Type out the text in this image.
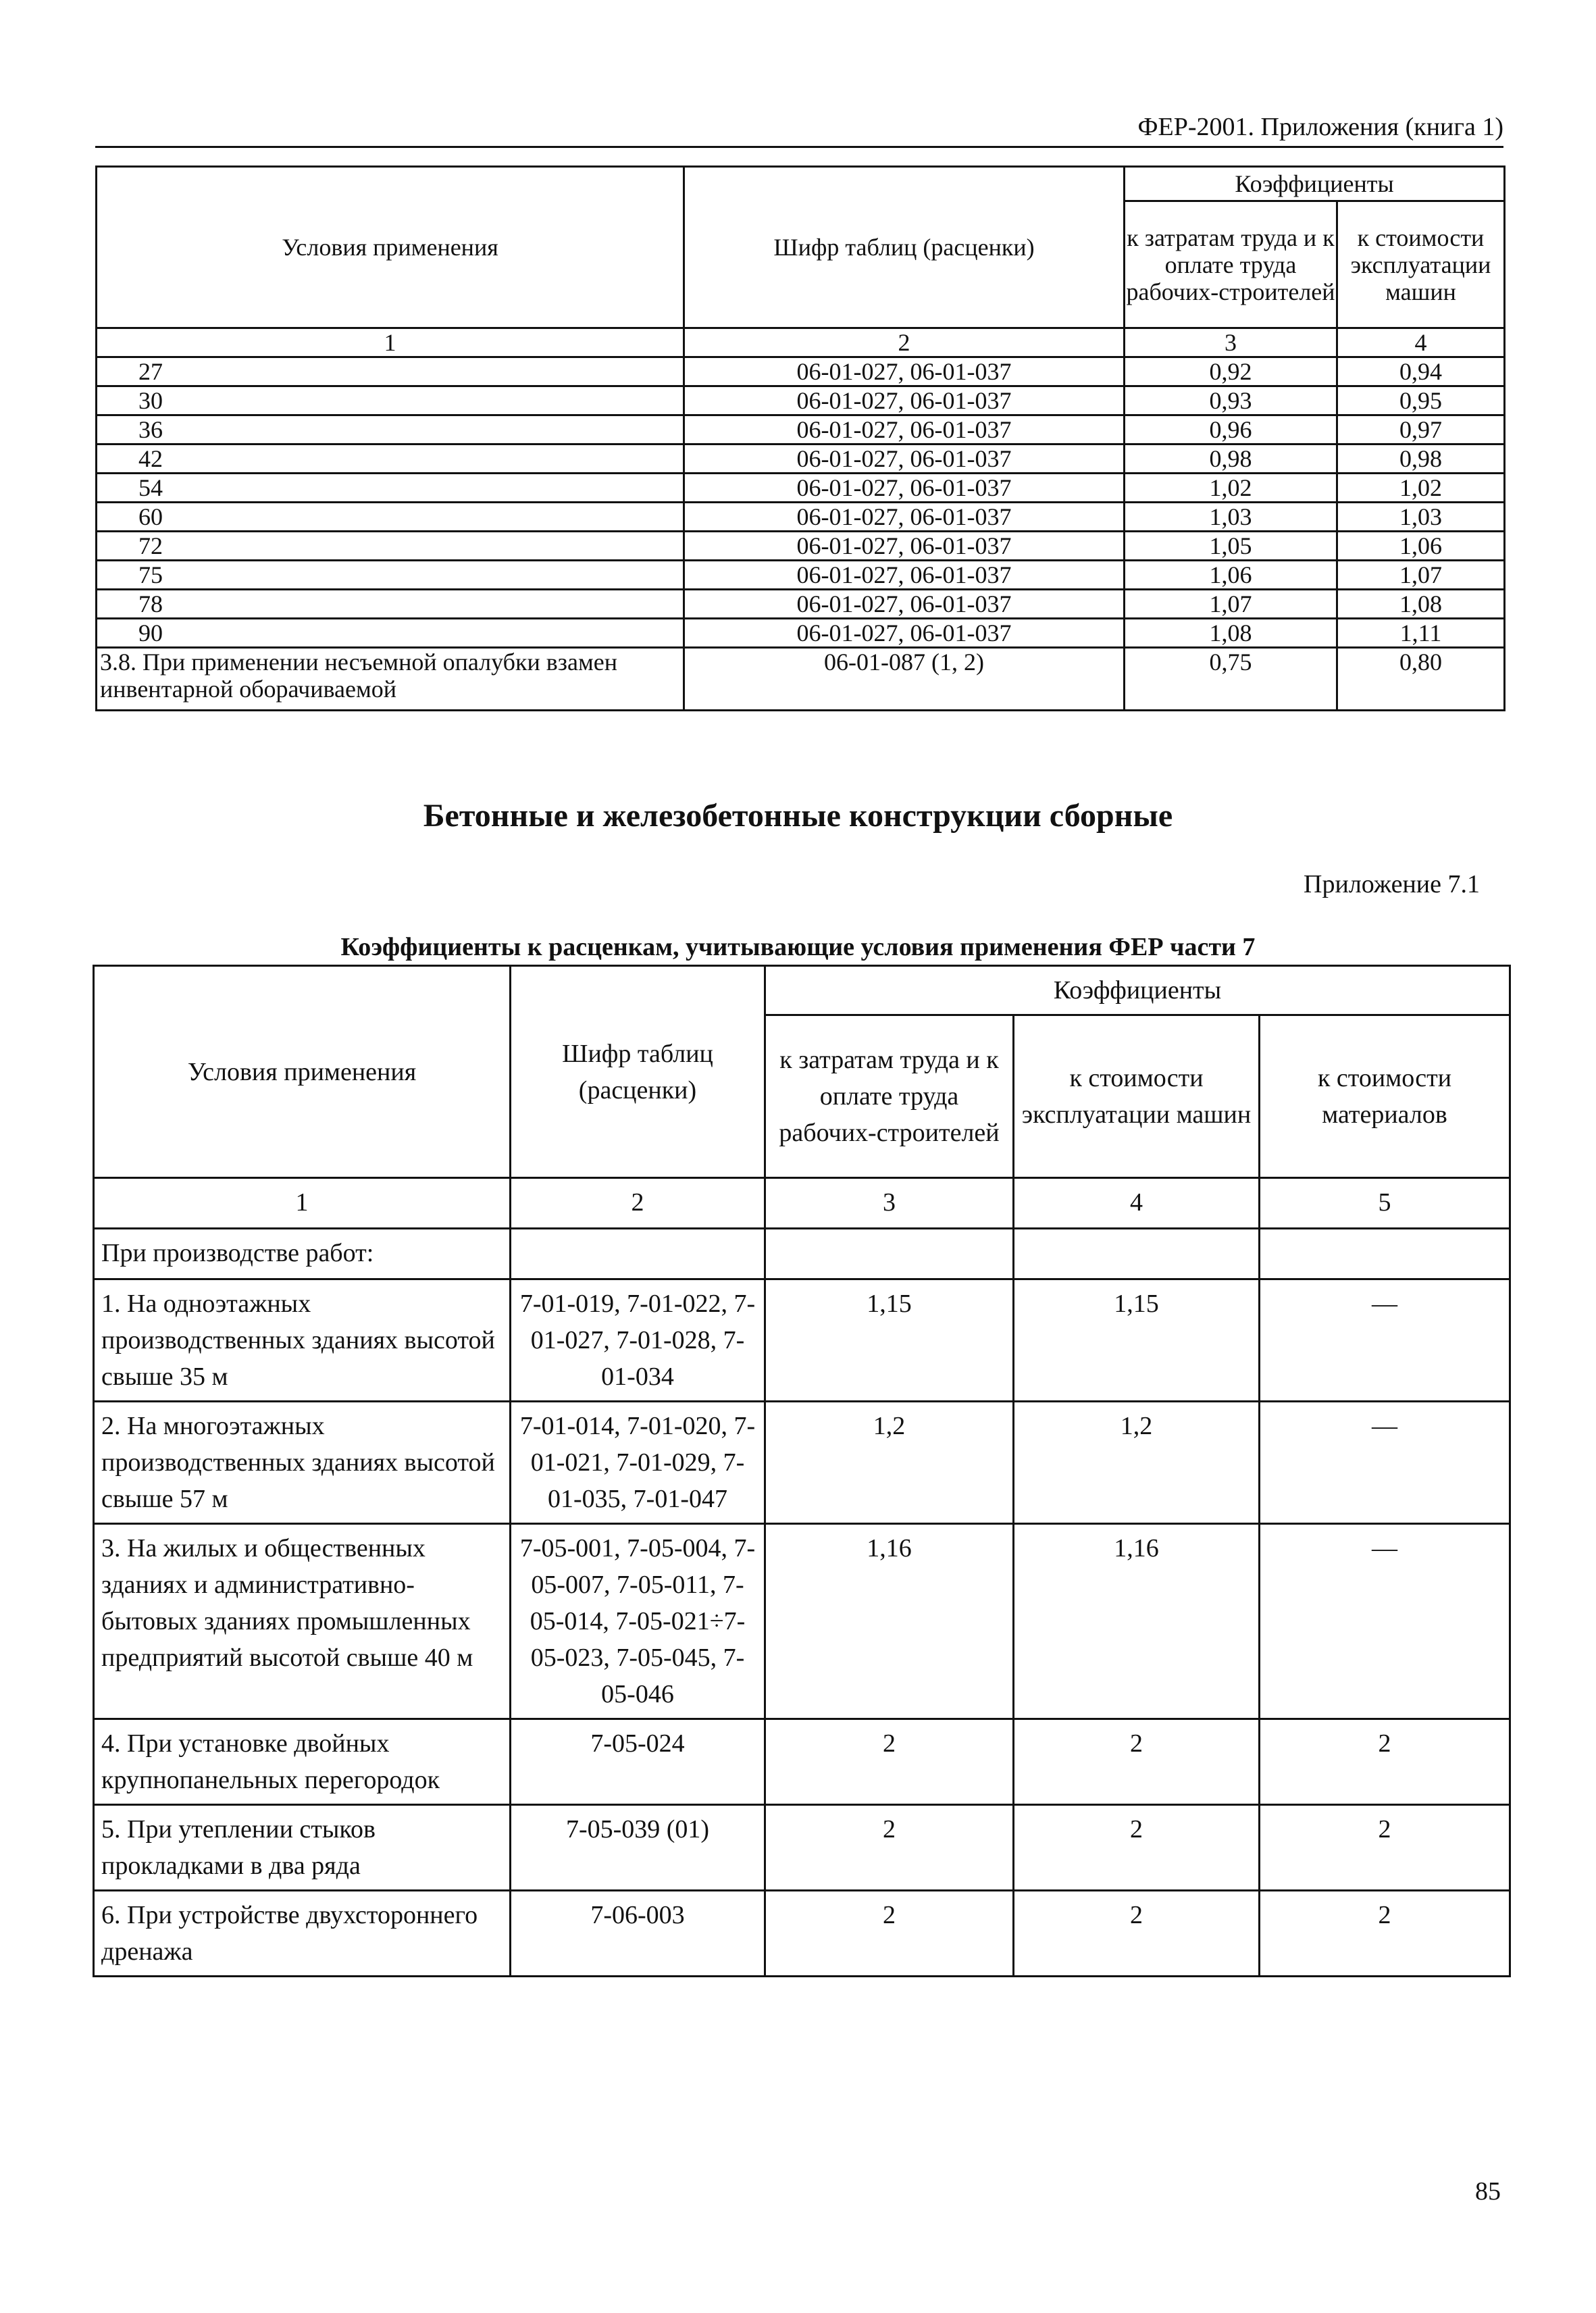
ФЕР-2001. Приложения (книга 1)
Условия применения	Шифр таблиц (расценки)	Коэффициенты	
		к затратам труда и к оплате труда рабочих-строителей	к стоимости эксплуатации машин
1	2	3	4
27	06-01-027, 06-01-037	0,92	0,94
30	06-01-027, 06-01-037	0,93	0,95
36	06-01-027, 06-01-037	0,96	0,97
42	06-01-027, 06-01-037	0,98	0,98
54	06-01-027, 06-01-037	1,02	1,02
60	06-01-027, 06-01-037	1,03	1,03
72	06-01-027, 06-01-037	1,05	1,06
75	06-01-027, 06-01-037	1,06	1,07
78	06-01-027, 06-01-037	1,07	1,08
90	06-01-027, 06-01-037	1,08	1,11
3.8. При применении несъемной опалубки взамен инвентарной оборачиваемой	06-01-087 (1, 2)	0,75	0,80
Бетонные и железобетонные конструкции сборные
Приложение 7.1
Коэффициенты к расценкам, учитывающие условия применения ФЕР части 7
Условия применения	Шифр таблиц (расценки)	Коэффициенты		
		к затратам труда и к оплате труда рабочих-строителей	к стоимости эксплуатации машин	к стоимости материалов
1	2	3	4	5
При производстве работ:				
1. На одноэтажных производственных зданиях высотой свыше 35 м	7-01-019, 7-01-022, 7-01-027, 7-01-028, 7-01-034	1,15	1,15	—
2. На многоэтажных производственных зданиях высотой свыше 57 м	7-01-014, 7-01-020, 7-01-021, 7-01-029, 7-01-035, 7-01-047	1,2	1,2	—
3. На жилых и общественных зданиях и административно-бытовых зданиях промышленных предприятий высотой свыше 40 м	7-05-001, 7-05-004, 7-05-007, 7-05-011, 7-05-014, 7-05-021÷7-05-023, 7-05-045, 7-05-046	1,16	1,16	—
4. При установке двойных крупнопанельных перегородок	7-05-024	2	2	2
5. При утеплении стыков прокладками в два ряда	7-05-039 (01)	2	2	2
6. При устройстве двухстороннего дренажа	7-06-003	2	2	2
85
